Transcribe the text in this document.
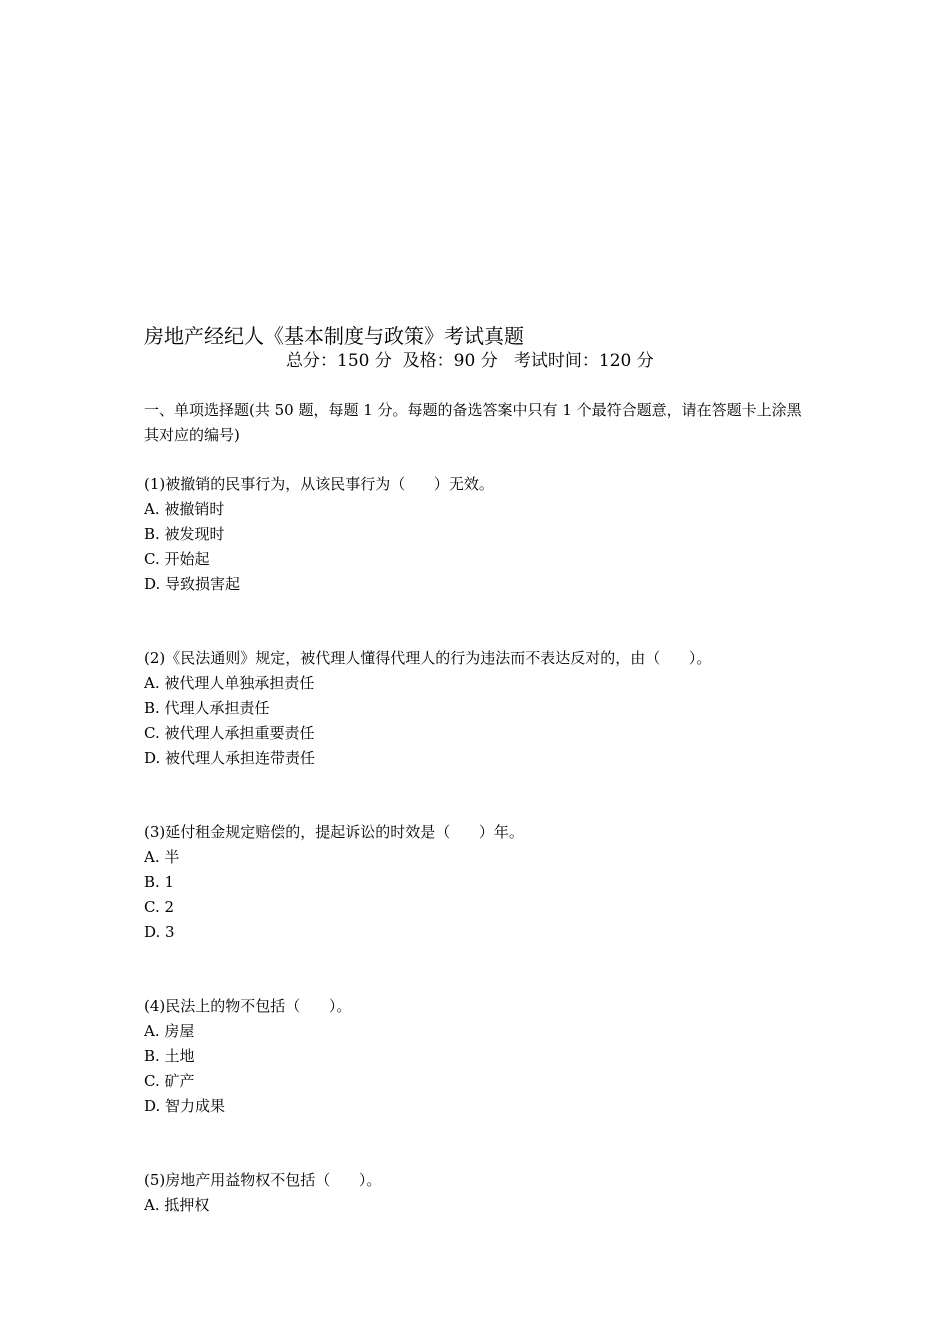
房地产经纪人《基本制度与政策》考试真题
总分：150 分  及格：90 分   考试时间：120 分
一、单项选择题(共 50 题，每题 1 分。每题的备选答案中只有 1 个最符合题意，请在答题卡上涂黑其对应的编号)
(1)被撤销的民事行为，从该民事行为（      ）无效。
A. 被撤销时
B. 被发现时
C. 开始起
D. 导致损害起
(2)《民法通则》规定，被代理人懂得代理人的行为违法而不表达反对的，由（      ）。
A. 被代理人单独承担责任
B. 代理人承担责任
C. 被代理人承担重要责任
D. 被代理人承担连带责任
(3)延付租金规定赔偿的，提起诉讼的时效是（      ）年。
A. 半
B. 1
C. 2
D. 3
(4)民法上的物不包括（      ）。
A. 房屋
B. 土地
C. 矿产
D. 智力成果
(5)房地产用益物权不包括（      ）。
A. 抵押权
